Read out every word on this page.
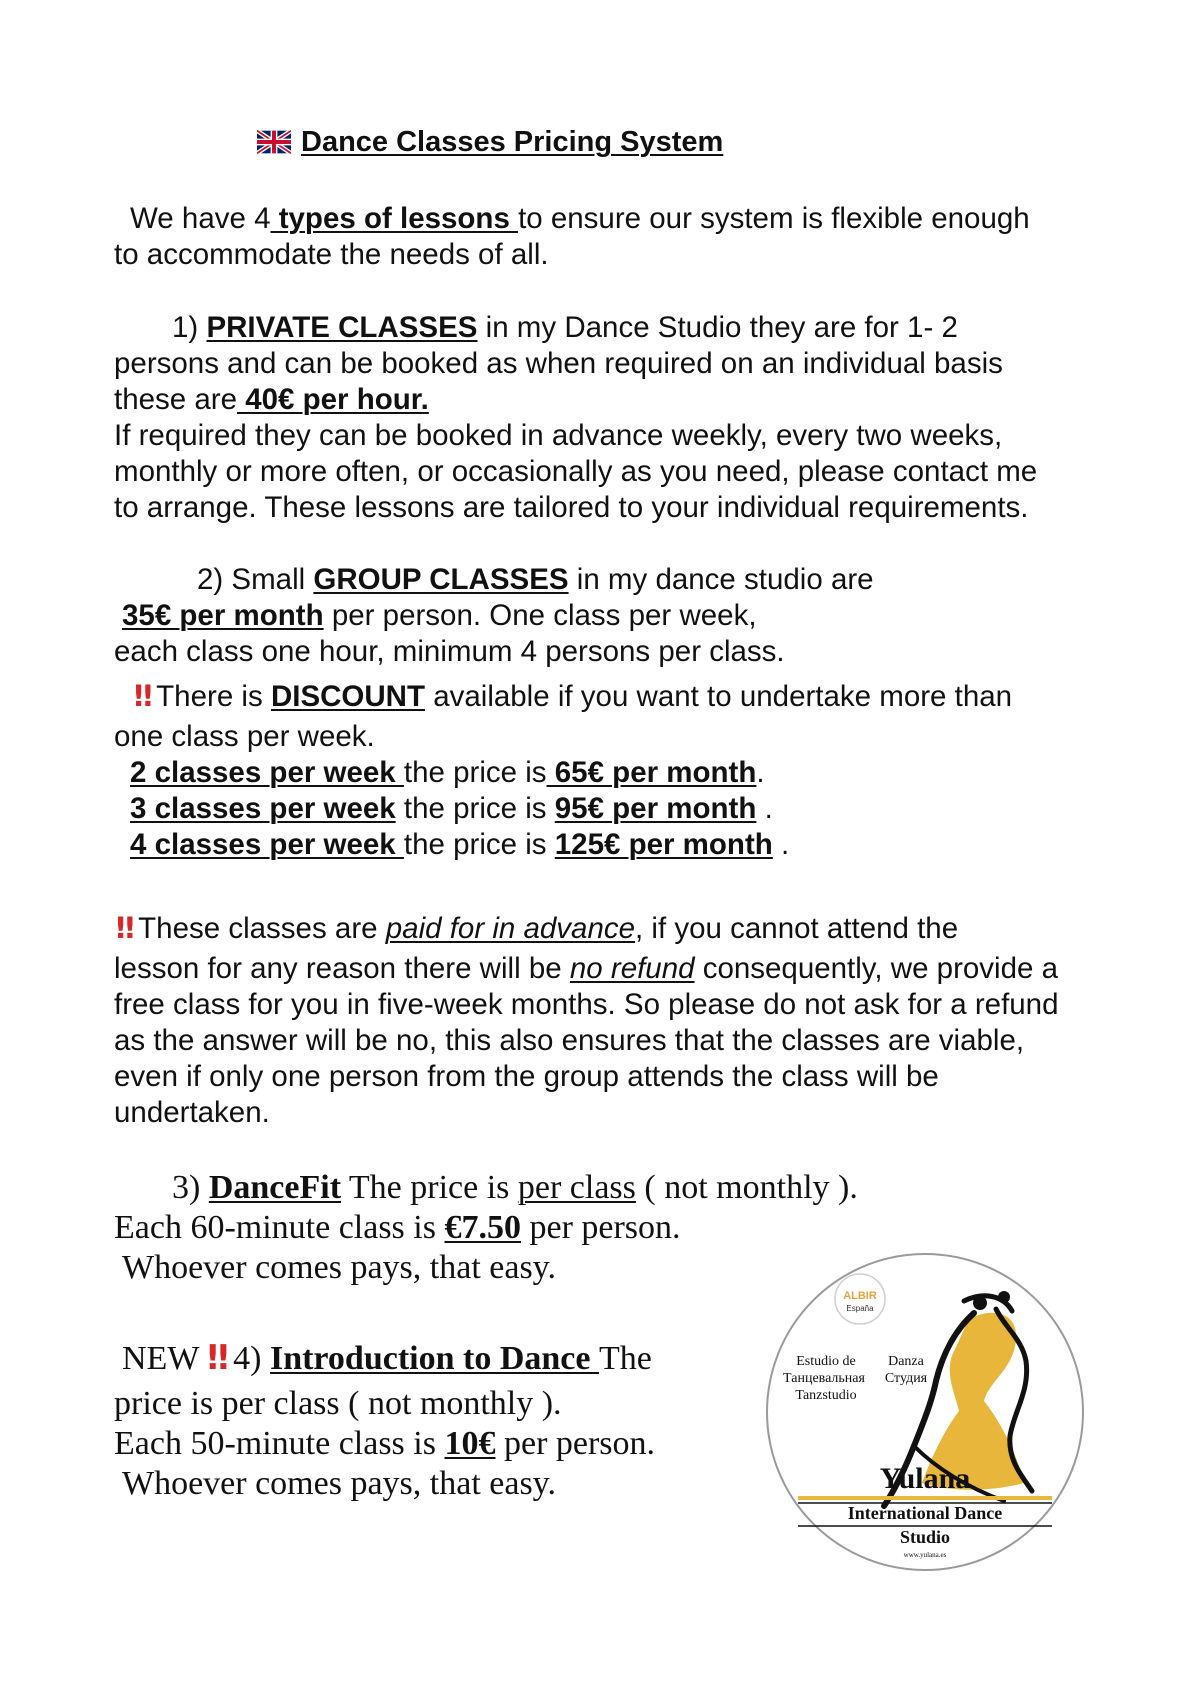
Dance Classes Pricing System
We have 4 types of lessons to ensure our system is flexible enough
to accommodate the needs of all.
1) PRIVATE CLASSES in my Dance Studio they are for 1- 2
persons and can be booked as when required on an individual basis
these are 40€ per hour.
If required they can be booked in advance weekly, every two weeks,
monthly or more often, or occasionally as you need, please contact me
to arrange. These lessons are tailored to your individual requirements.
2) Small GROUP CLASSES in my dance studio are
35€ per month per person. One class per week,
each class one hour, minimum 4 persons per class.
‼ There is DISCOUNT available if you want to undertake more than
one class per week.
2 classes per week the price is 65€ per month.
3 classes per week the price is 95€ per month .
4 classes per week the price is 125€ per month .
‼ These classes are paid for in advance, if you cannot attend the
lesson for any reason there will be no refund consequently, we provide a
free class for you in five-week months. So please do not ask for a refund
as the answer will be no, this also ensures that the classes are viable,
even if only one person from the group attends the class will be
undertaken.
3) DanceFit The price is per class ( not monthly ).
Each 60-minute class is €7.50 per person.
Whoever comes pays, that easy.
NEW ‼ 4) Introduction to Dance The
price is per class ( not monthly ).
Each 50-minute class is 10€ per person.
Whoever comes pays, that easy.
ALBIR
España
Estudio de Danza
Танцевальная Студия
Tanzstudio
Yulana
International Dance
Studio
www.yulana.es
